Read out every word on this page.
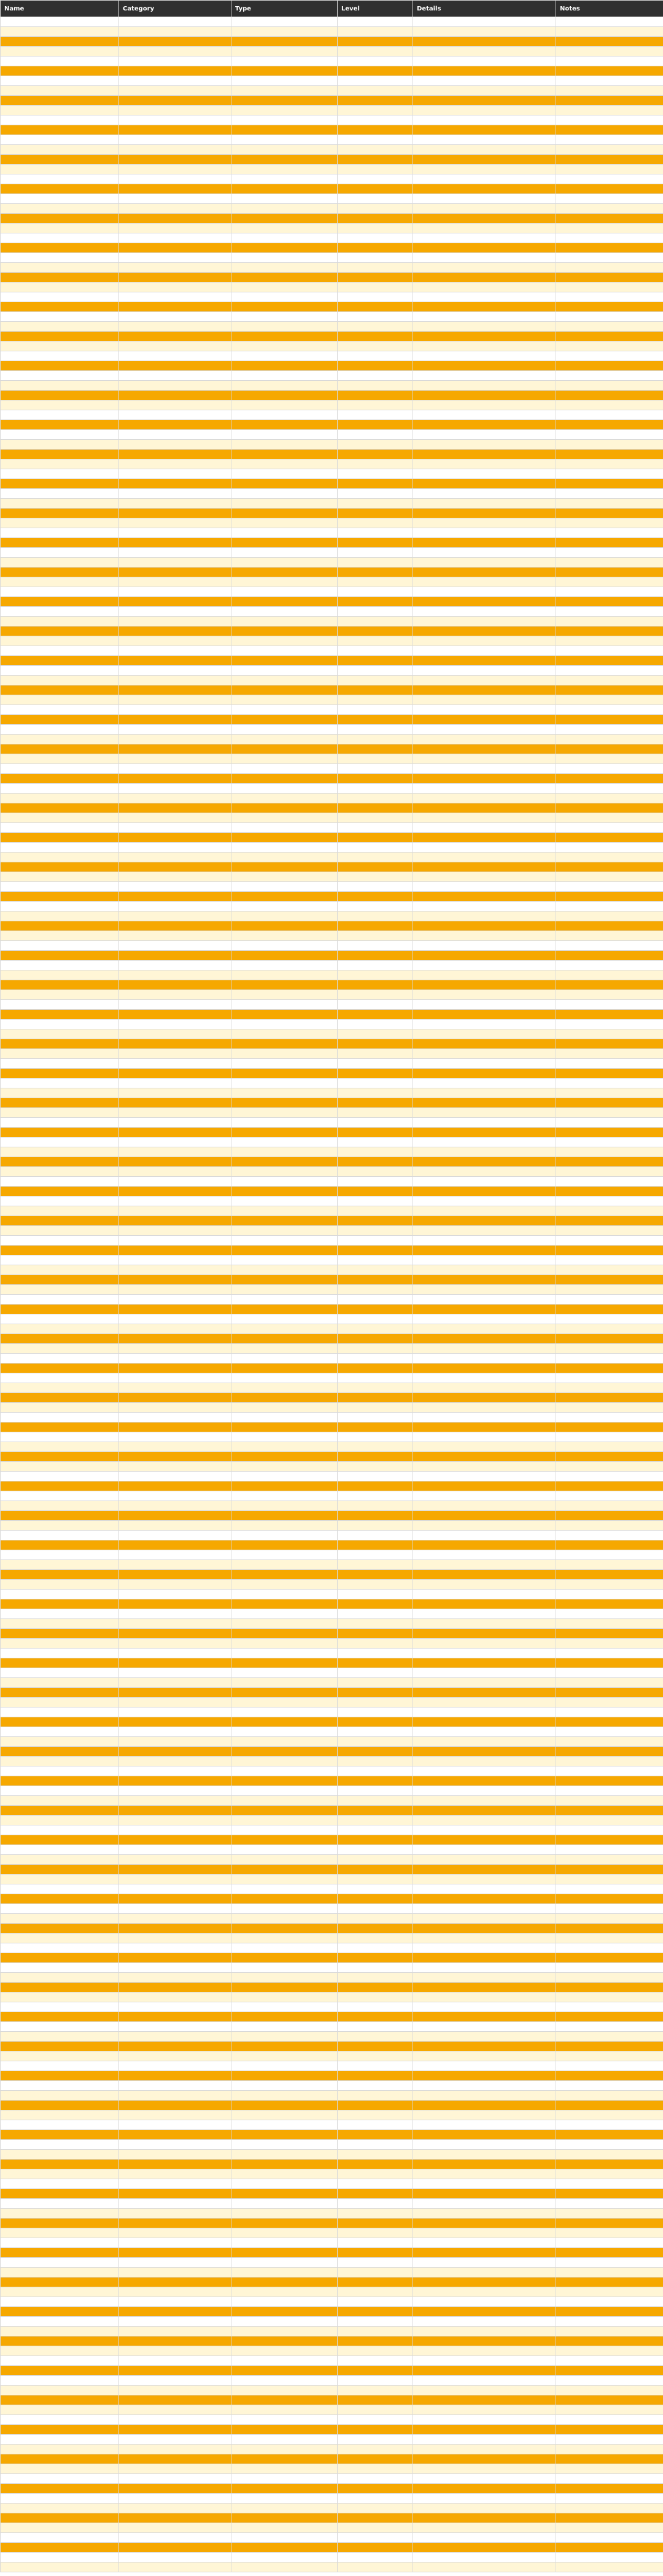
Name	Category	Type	Level	Details	Notes
